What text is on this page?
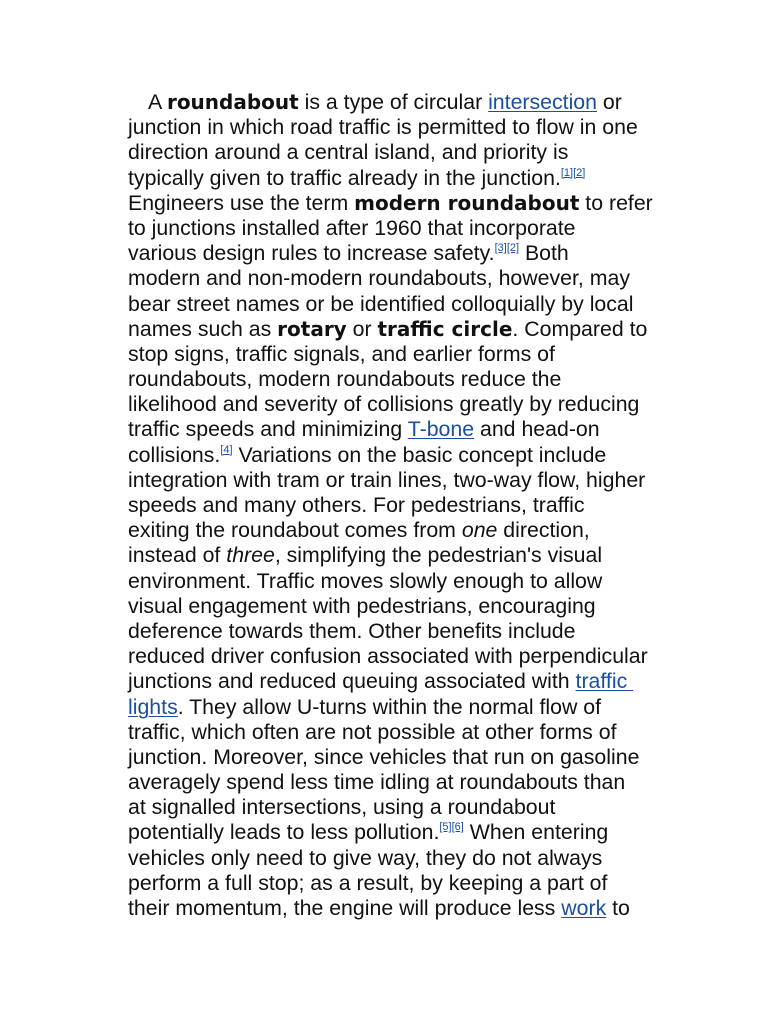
A roundabout is a type of circular intersection or
junction in which road traffic is permitted to flow in one
direction around a central island, and priority is
typically given to traffic already in the junction.[1][2]
Engineers use the term modern roundabout to refer
to junctions installed after 1960 that incorporate
various design rules to increase safety.[3][2] Both
modern and non-modern roundabouts, however, may
bear street names or be identified colloquially by local
names such as rotary or traffic circle. Compared to
stop signs, traffic signals, and earlier forms of
roundabouts, modern roundabouts reduce the
likelihood and severity of collisions greatly by reducing
traffic speeds and minimizing T-bone and head-on
collisions.[4] Variations on the basic concept include
integration with tram or train lines, two-way flow, higher
speeds and many others. For pedestrians, traffic
exiting the roundabout comes from one direction,
instead of three, simplifying the pedestrian's visual
environment. Traffic moves slowly enough to allow
visual engagement with pedestrians, encouraging
deference towards them. Other benefits include
reduced driver confusion associated with perpendicular
junctions and reduced queuing associated with traffic
lights. They allow U-turns within the normal flow of
traffic, which often are not possible at other forms of
junction. Moreover, since vehicles that run on gasoline
averagely spend less time idling at roundabouts than
at signalled intersections, using a roundabout
potentially leads to less pollution.[5][6] When entering
vehicles only need to give way, they do not always
perform a full stop; as a result, by keeping a part of
their momentum, the engine will produce less work to
